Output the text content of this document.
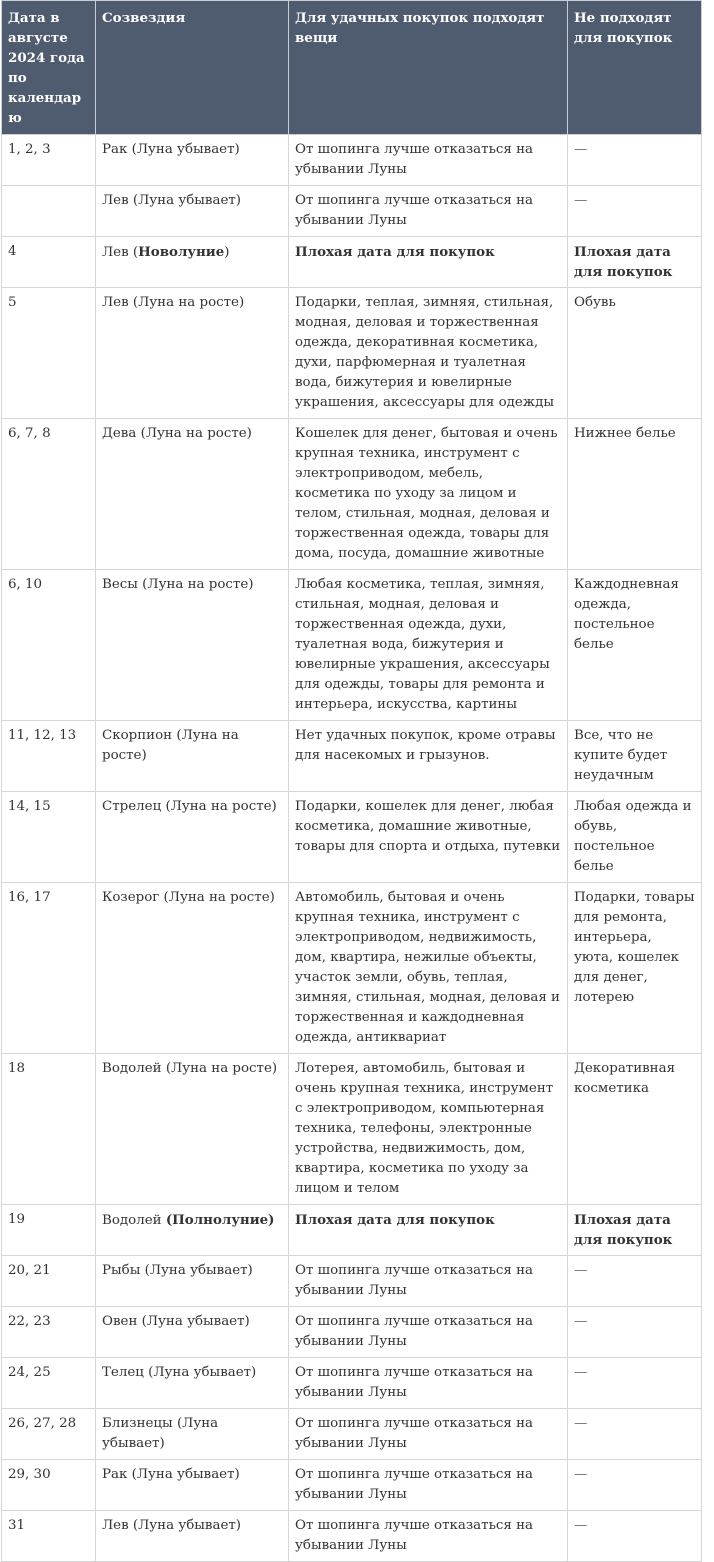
Дата в августе 2024 года по календарю	Созвездия	Для удачных покупок подходят вещи	Не подходят для покупок
1, 2, 3	Рак (Луна убывает)	От шопинга лучше отказаться на убывании Луны	—
	Лев (Луна убывает)	От шопинга лучше отказаться на убывании Луны	—
4	Лев (Новолуние)	Плохая дата для покупок	Плохая дата для покупок
5	Лев (Луна на росте)	Подарки, теплая, зимняя, стильная, модная, деловая и торжественная одежда, декоративная косметика, духи, парфюмерная и туалетная вода, бижутерия и ювелирные украшения, аксессуары для одежды	Обувь
6, 7, 8	Дева (Луна на росте)	Кошелек для денег, бытовая и очень крупная техника, инструмент с электроприводом, мебель, косметика по уходу за лицом и телом, стильная, модная, деловая и торжественная одежда, товары для дома, посуда, домашние животные	Нижнее белье
6, 10	Весы (Луна на росте)	Любая косметика, теплая, зимняя, стильная, модная, деловая и торжественная одежда, духи, туалетная вода, бижутерия и ювелирные украшения, аксессуары для одежды, товары для ремонта и интерьера, искусства, картины	Каждодневная одежда, постельное белье
11, 12, 13	Скорпион (Луна на росте)	Нет удачных покупок, кроме отравы для насекомых и грызунов.	Все, что не купите будет неудачным
14, 15	Стрелец (Луна на росте)	Подарки, кошелек для денег, любая косметика, домашние животные, товары для спорта и отдыха, путевки	Любая одежда и обувь, постельное белье
16, 17	Козерог (Луна на росте)	Автомобиль, бытовая и очень крупная техника, инструмент с электроприводом, недвижимость, дом, квартира, нежилые объекты, участок земли, обувь, теплая, зимняя, стильная, модная, деловая и торжественная и каждодневная одежда, антиквариат	Подарки, товары для ремонта, интерьера, уюта, кошелек для денег, лотерею
18	Водолей (Луна на росте)	Лотерея, автомобиль, бытовая и очень крупная техника, инструмент с электроприводом, компьютерная техника, телефоны, электронные устройства, недвижимость, дом, квартира, косметика по уходу за лицом и телом	Декоративная косметика
19	Водолей (Полнолуние)	Плохая дата для покупок	Плохая дата для покупок
20, 21	Рыбы (Луна убывает)	От шопинга лучше отказаться на убывании Луны	—
22, 23	Овен (Луна убывает)	От шопинга лучше отказаться на убывании Луны	—
24, 25	Телец (Луна убывает)	От шопинга лучше отказаться на убывании Луны	—
26, 27, 28	Близнецы (Луна убывает)	От шопинга лучше отказаться на убывании Луны	—
29, 30	Рак (Луна убывает)	От шопинга лучше отказаться на убывании Луны	—
31	Лев (Луна убывает)	От шопинга лучше отказаться на убывании Луны	—
